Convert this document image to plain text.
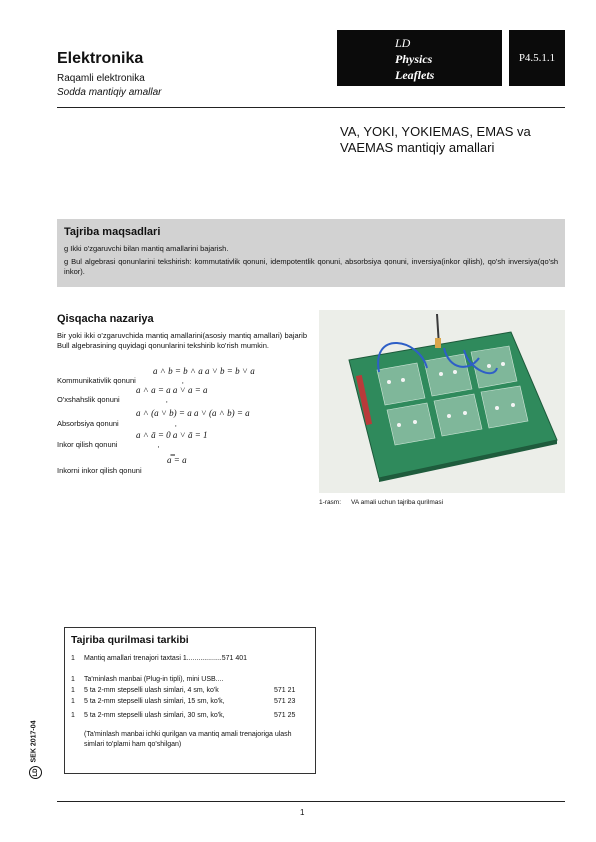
Elektronika
Raqamli elektronika
Sodda mantiqiy amallar
LD
Physics
Leaflets
P4.5.1.1
VA, YOKI, YOKIEMAS, EMAS va VAEMAS mantiqiy amallari
Tajriba maqsadlari
g Ikki o'zgaruvchi bilan mantiq amallarini bajarish.
g Bul algebrasi qonunlarini tekshirish: kommutativlik qonuni, idempotentlik qonuni, absorbsiya qonuni, inversiya(inkor qilish), qo'sh inversiya(qo'sh inkor).
Qisqacha nazariya
Bir yoki ikki o'zgaruvchida mantiq amallarini(asosiy mantiq amallari) bajarib Bull algebrasining quyidagi qonunlarini tekshirib ko'rish mumkin.
a ˄ b = b ˄ a a ˅ b = b ˅ a
Kommunikativlik qonuni	,
a ˄ a = a a ˅ a = a
O'xshahslik qonuni	,
a ˄ (a ˅ b) = a a ˅ (a ˄ b) = a
Absorbsiya qonuni	,
a ˄ ā = 0 a ˅ ā = 1
Inkor qilish qonuni	,
a̿ = a
Inkorni inkor qilish qonuni
1-rasm: VA amali uchun tajriba qurilmasi
Tajriba qurilmasi tarkibi
1 Mantiq amallari trenajori taxtasi 1..................571 401
1 Ta'minlash manbai (Plug-in tipli), mini USB....
1 5 ta 2-mm stepselli ulash simlari, 4 sm, ko'k	571 21
1 5 ta 2-mm stepselli ulash simlari, 15 sm, ko'k,	571 23
1 5 ta 2-mm stepselli ulash simlari, 30 sm, ko'k,	571 25
(Ta'minlash manbai ichki qurilgan va mantiq amali trenajoriga ulash simlari to'plami ham qo'shilgan)
SEK 2017-04
LD
1
